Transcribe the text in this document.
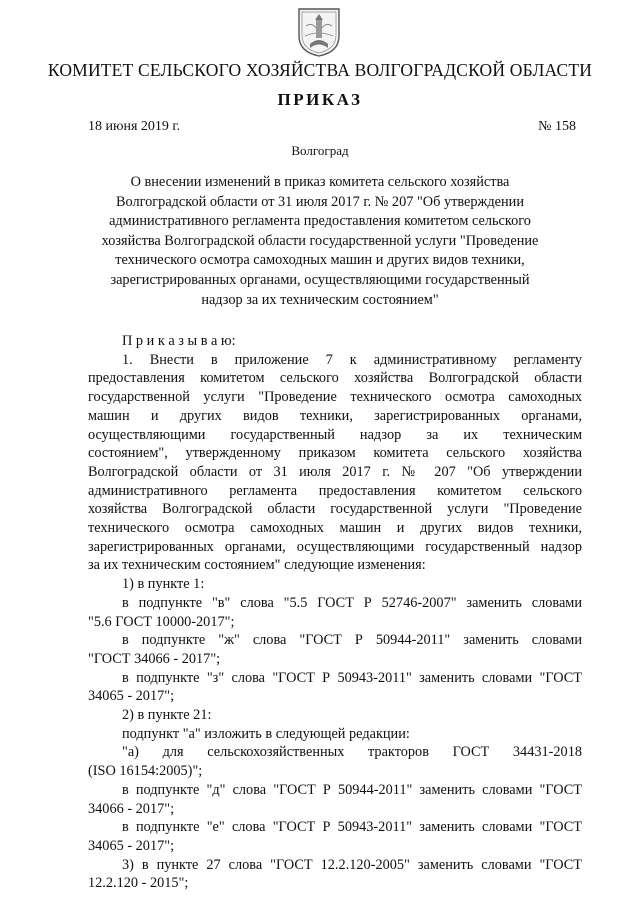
КОМИТЕТ СЕЛЬСКОГО ХОЗЯЙСТВА ВОЛГОГРАДСКОЙ ОБЛАСТИ
ПРИКАЗ
18 июня 2019 г.	№ 158
Волгоград
О внесении изменений в приказ комитета сельского хозяйства
Волгоградской области от 31 июля 2017 г. № 207 "Об утверждении
административного регламента предоставления комитетом сельского
хозяйства Волгоградской области государственной услуги "Проведение
технического осмотра самоходных машин и других видов техники,
зарегистрированных органами, осуществляющими государственный
надзор за их техническим состоянием"
П р и к а з ы в а ю:
1. Внести в приложение 7 к административному регламенту
предоставления комитетом сельского хозяйства Волгоградской области
государственной услуги "Проведение технического осмотра самоходных
машин и других видов техники, зарегистрированных органами,
осуществляющими государственный надзор за их техническим
состоянием", утвержденному приказом комитета сельского хозяйства
Волгоградской области от 31 июля 2017 г. № 207 "Об утверждении
административного регламента предоставления комитетом сельского
хозяйства Волгоградской области государственной услуги "Проведение
технического осмотра самоходных машин и других видов техники,
зарегистрированных органами, осуществляющими государственный надзор
за их техническим состоянием" следующие изменения:
1) в пункте 1:
в подпункте "в" слова "5.5 ГОСТ Р 52746-2007" заменить словами
"5.6 ГОСТ 10000-2017";
в подпункте "ж" слова "ГОСТ Р 50944-2011" заменить словами
"ГОСТ 34066 - 2017";
в подпункте "з" слова "ГОСТ Р 50943-2011" заменить словами "ГОСТ
34065 - 2017";
2) в пункте 21:
подпункт "а" изложить в следующей редакции:
"а) для сельскохозяйственных тракторов ГОСТ 34431-2018
(ISO 16154:2005)";
в подпункте "д" слова "ГОСТ Р 50944-2011" заменить словами "ГОСТ
34066 - 2017";
в подпункте "е" слова "ГОСТ Р 50943-2011" заменить словами "ГОСТ
34065 - 2017";
3) в пункте 27 слова "ГОСТ 12.2.120-2005" заменить словами "ГОСТ
12.2.120 - 2015";
